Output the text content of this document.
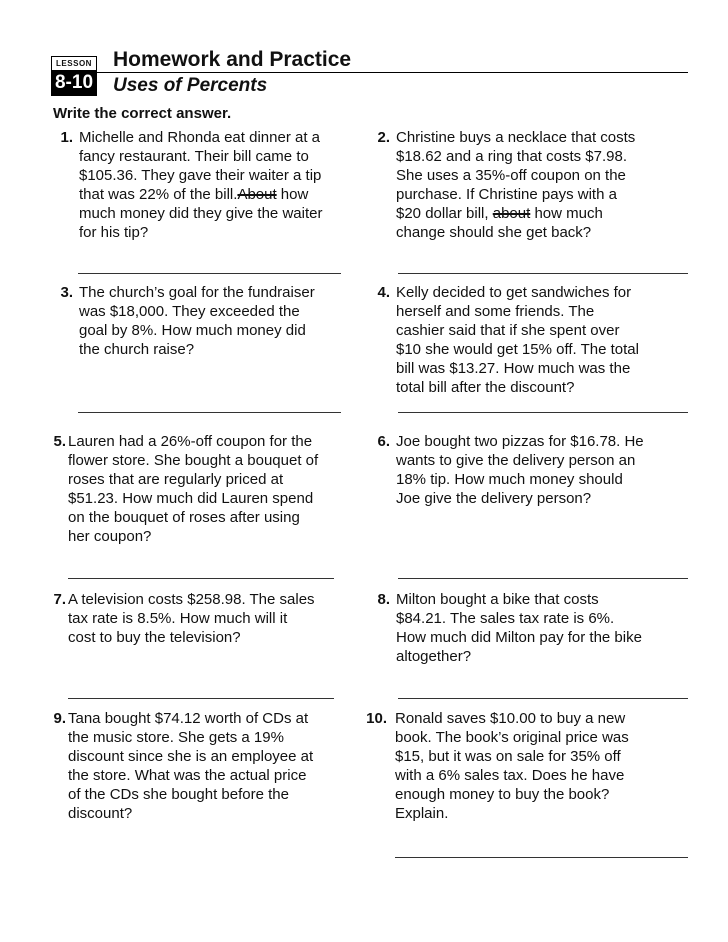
LESSON
8-10
Homework and Practice
Uses of Percents

Write the correct answer.

1. Michelle and Rhonda eat dinner at a
fancy restaurant. Their bill came to
$105.36. They gave their waiter a tip
that was 22% of the bill.About how
much money did they give the waiter
for his tip?
2. Christine buys a necklace that costs
$18.62 and a ring that costs $7.98.
She uses a 35%-off coupon on the
purchase. If Christine pays with a
$20 dollar bill, about how much
change should she get back?
3. The church’s goal for the fundraiser
was $18,000. They exceeded the
goal by 8%. How much money did
the church raise?
4. Kelly decided to get sandwiches for
herself and some friends. The
cashier said that if she spent over
$10 she would get 15% off. The total
bill was $13.27. How much was the
total bill after the discount?
5. Lauren had a 26%-off coupon for the
flower store. She bought a bouquet of
roses that are regularly priced at
$51.23. How much did Lauren spend
on the bouquet of roses after using
her coupon?
6. Joe bought two pizzas for $16.78. He
wants to give the delivery person an
18% tip. How much money should
Joe give the delivery person?
7. A television costs $258.98. The sales
tax rate is 8.5%. How much will it
cost to buy the television?
8. Milton bought a bike that costs
$84.21. The sales tax rate is 6%.
How much did Milton pay for the bike
altogether?
9. Tana bought $74.12 worth of CDs at
the music store. She gets a 19%
discount since she is an employee at
the store. What was the actual price
of the CDs she bought before the
discount?
10. Ronald saves $10.00 to buy a new
book. The book’s original price was
$15, but it was on sale for 35% off
with a 6% sales tax. Does he have
enough money to buy the book?
Explain.
